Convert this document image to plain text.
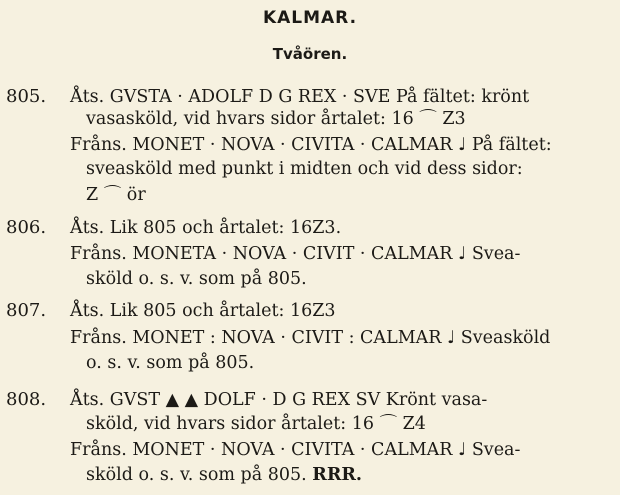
KALMAR.
Tvåören.
805. Åts. GVSTA · ADOLF D G REX · SVE På fältet: krönt
vasasköld, vid hvars sidor årtalet: 16 ⌒ Z3
Fråns. MONET · NOVA · CIVITA · CALMAR ♩ På fältet:
sveasköld med punkt i midten och vid dess sidor:
Z ⌒ ör
806. Åts. Lik 805 och årtalet: 16Z3.
Fråns. MONETA · NOVA · CIVIT · CALMAR ♩ Svea-
sköld o. s. v. som på 805.
807. Åts. Lik 805 och årtalet: 16Z3
Fråns. MONET : NOVA · CIVIT : CALMAR ♩ Sveasköld
o. s. v. som på 805.
808. Åts. GVST ▲ ▲ DOLF · D G REX SV Krönt vasa-
sköld, vid hvars sidor årtalet: 16 ⌒ Z4
Fråns. MONET · NOVA · CIVITA · CALMAR ♩ Svea-
sköld o. s. v. som på 805. RRR.
